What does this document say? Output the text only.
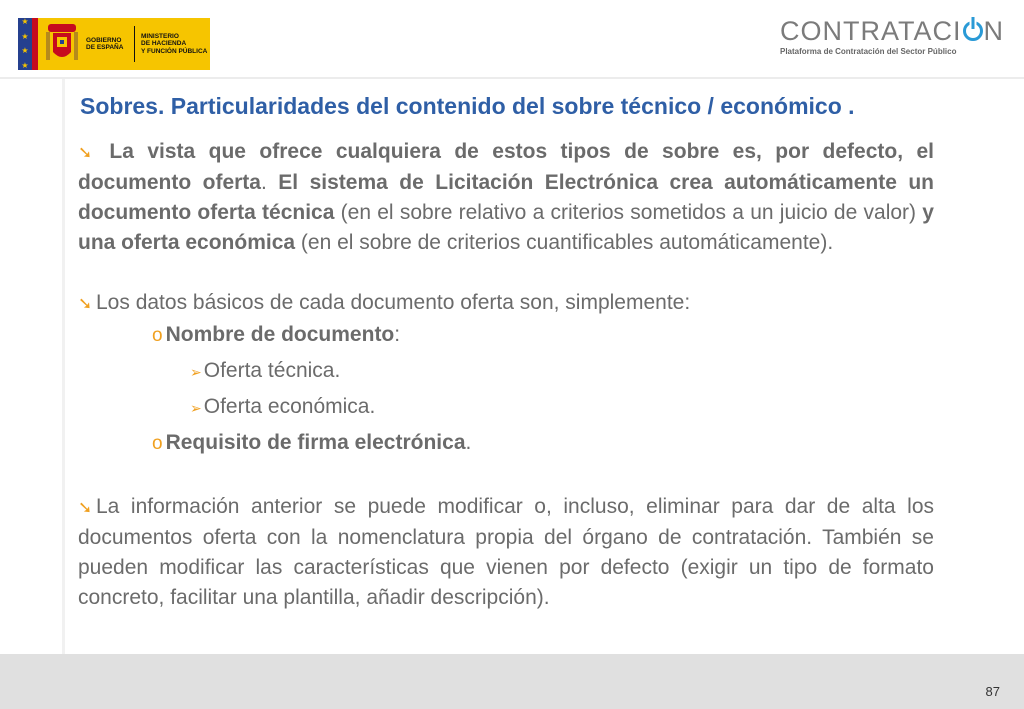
★
★
★
★
GOBIERNO
DE ESPAÑA
MINISTERIO
DE HACIENDA
Y FUNCIÓN PÚBLICA
CONTRATACI N
Plataforma de Contratación del Sector Público
Sobres. Particularidades del contenido del sobre técnico / económico .
➘ La vista que ofrece cualquiera de estos tipos de sobre es, por defecto, el documento oferta. El sistema de Licitación Electrónica crea automáticamente un documento oferta técnica (en el sobre relativo a criterios sometidos a un juicio de valor) y una oferta económica (en el sobre de criterios cuantificables automáticamente).
➘ Los datos básicos de cada documento oferta son, simplemente:
o Nombre de documento:
➢Oferta técnica.
➢Oferta económica.
o Requisito de firma electrónica.
➘ La información anterior se puede modificar o, incluso, eliminar para dar de alta los documentos oferta con la nomenclatura propia del órgano de contratación. También se pueden modificar las características que vienen por defecto (exigir un tipo de formato concreto, facilitar una plantilla, añadir descripción).
87
